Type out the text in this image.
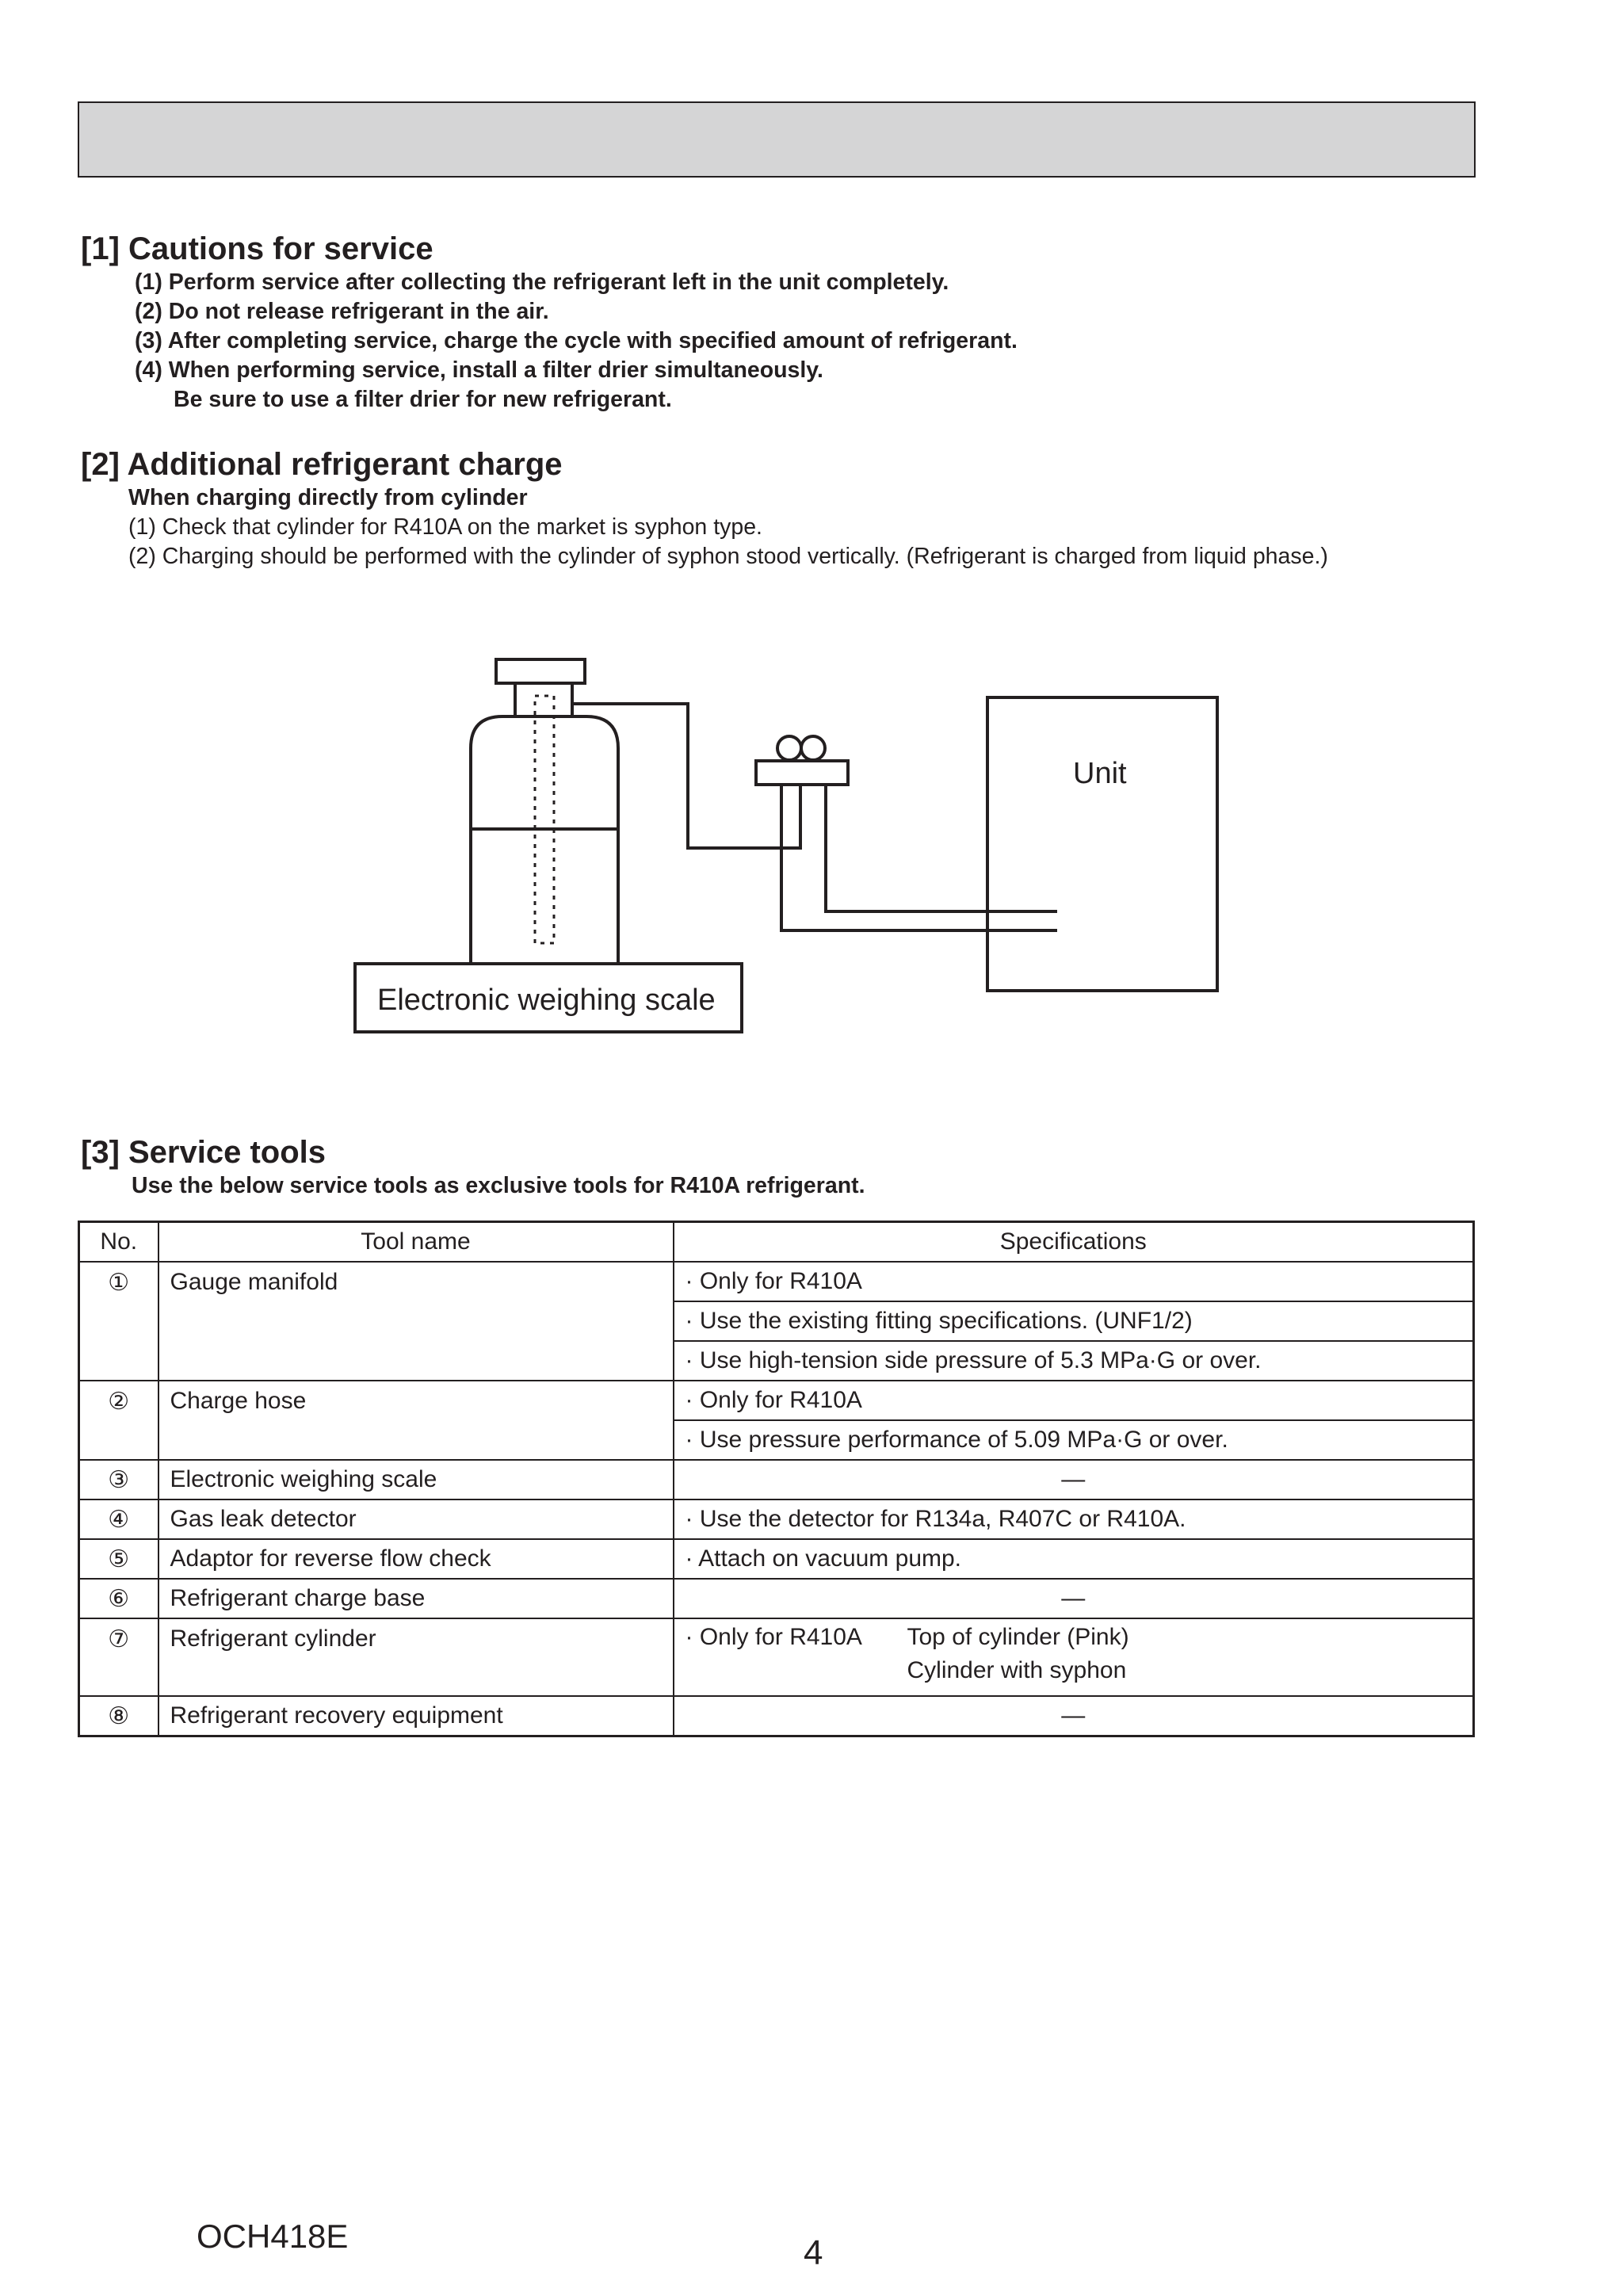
[1] Cautions for service
(1) Perform service after collecting the refrigerant left in the unit completely.
(2) Do not release refrigerant in the air.
(3) After completing service, charge the cycle with specified amount of refrigerant.
(4) When performing service, install a filter drier simultaneously.
Be sure to use a filter drier for new refrigerant.
[2] Additional refrigerant charge
When charging directly from cylinder
(1) Check that cylinder for R410A on the market is syphon type.
(2) Charging should be performed with the cylinder of syphon stood vertically. (Refrigerant is charged from liquid phase.)
Electronic weighing scale
Unit
[3] Service tools
Use the below service tools as exclusive tools for R410A refrigerant.
No.	Tool name	Specifications
①	Gauge manifold	· Only for R410A
		· Use the existing fitting specifications. (UNF1/2)
		· Use high-tension side pressure of 5.3 MPa·G or over.
②	Charge hose	· Only for R410A
		· Use pressure performance of 5.09 MPa·G or over.
③	Electronic weighing scale	—
④	Gas leak detector	· Use the detector for R134a, R407C or R410A.
⑤	Adaptor for reverse flow check	· Attach on vacuum pump.
⑥	Refrigerant charge base	—
⑦	Refrigerant cylinder	· Only for R410A Top of cylinder (Pink)
Cylinder with syphon

⑧	Refrigerant recovery equipment	—
OCH418E	4
